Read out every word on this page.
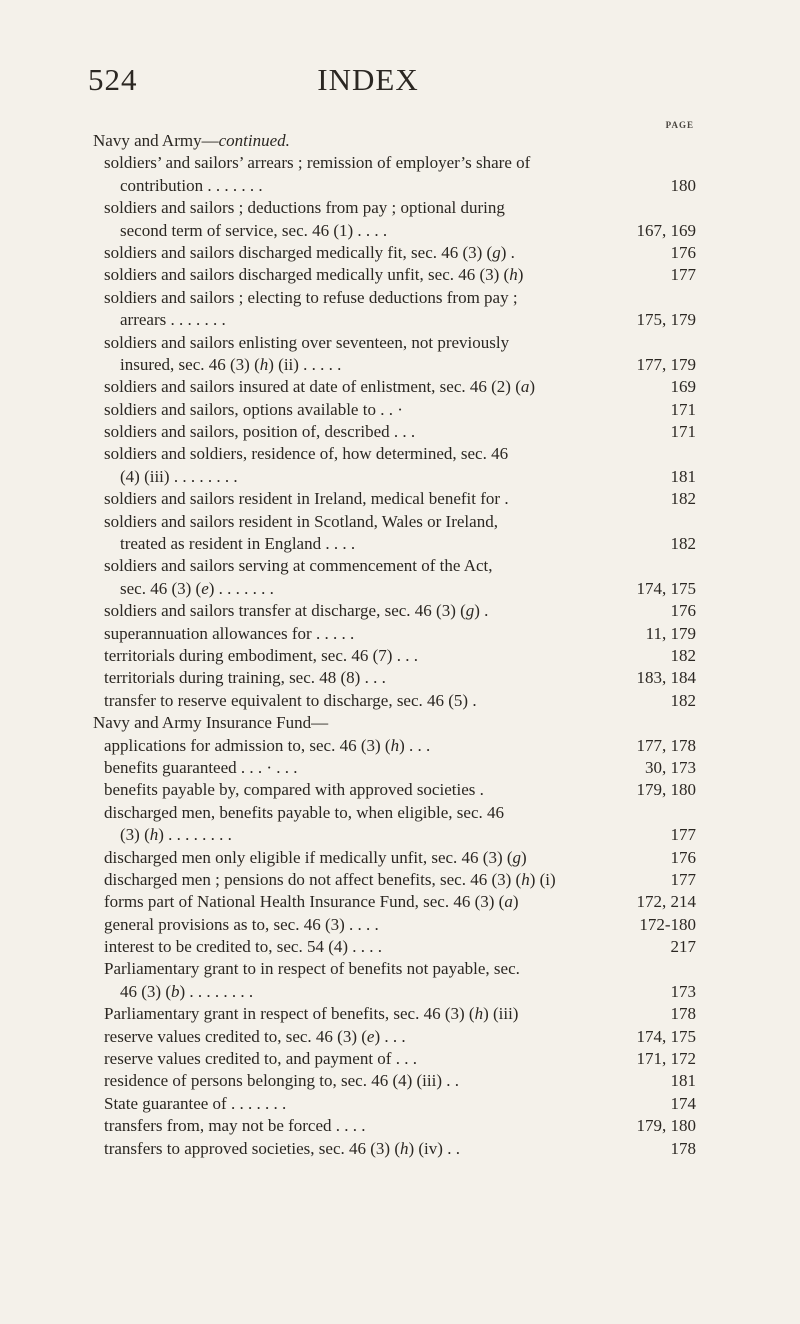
524	INDEX
PAGE
Navy and Army—continued.
soldiers’ and sailors’ arrears ; remission of employer’s share of
contribution . . . . . . .	180
soldiers and sailors ; deductions from pay ; optional during
second term of service, sec. 46 (1) . . . .	167, 169
soldiers and sailors discharged medically fit, sec. 46 (3) (g) .	176
soldiers and sailors discharged medically unfit, sec. 46 (3) (h)	177
soldiers and sailors ; electing to refuse deductions from pay ;
arrears . . . . . . .	175, 179
soldiers and sailors enlisting over seventeen, not previously
insured, sec. 46 (3) (h) (ii) . . . . .	177, 179
soldiers and sailors insured at date of enlistment, sec. 46 (2) (a)	169
soldiers and sailors, options available to . . ·	171
soldiers and sailors, position of, described . . .	171
soldiers and soldiers, residence of, how determined, sec. 46
(4) (iii) . . . . . . . .	181
soldiers and sailors resident in Ireland, medical benefit for .	182
soldiers and sailors resident in Scotland, Wales or Ireland,
treated as resident in England . . . .	182
soldiers and sailors serving at commencement of the Act,
sec. 46 (3) (e) . . . . . . .	174, 175
soldiers and sailors transfer at discharge, sec. 46 (3) (g) .	176
superannuation allowances for . . . . .	11, 179
territorials during embodiment, sec. 46 (7) . . .	182
territorials during training, sec. 48 (8) . . .	183, 184
transfer to reserve equivalent to discharge, sec. 46 (5) .	182
Navy and Army Insurance Fund—
applications for admission to, sec. 46 (3) (h) . . .	177, 178
benefits guaranteed . . . · . . .	30, 173
benefits payable by, compared with approved societies .	179, 180
discharged men, benefits payable to, when eligible, sec. 46
(3) (h) . . . . . . . .	177
discharged men only eligible if medically unfit, sec. 46 (3) (g)	176
discharged men ; pensions do not affect benefits, sec. 46 (3) (h) (i)	177
forms part of National Health Insurance Fund, sec. 46 (3) (a)	172, 214
general provisions as to, sec. 46 (3) . . . .	172-180
interest to be credited to, sec. 54 (4) . . . .	217
Parliamentary grant to in respect of benefits not payable, sec.
46 (3) (b) . . . . . . . .	173
Parliamentary grant in respect of benefits, sec. 46 (3) (h) (iii)	178
reserve values credited to, sec. 46 (3) (e) . . .	174, 175
reserve values credited to, and payment of . . .	171, 172
residence of persons belonging to, sec. 46 (4) (iii) . .	181
State guarantee of . . . . . . .	174
transfers from, may not be forced . . . .	179, 180
transfers to approved societies, sec. 46 (3) (h) (iv) . .	178
